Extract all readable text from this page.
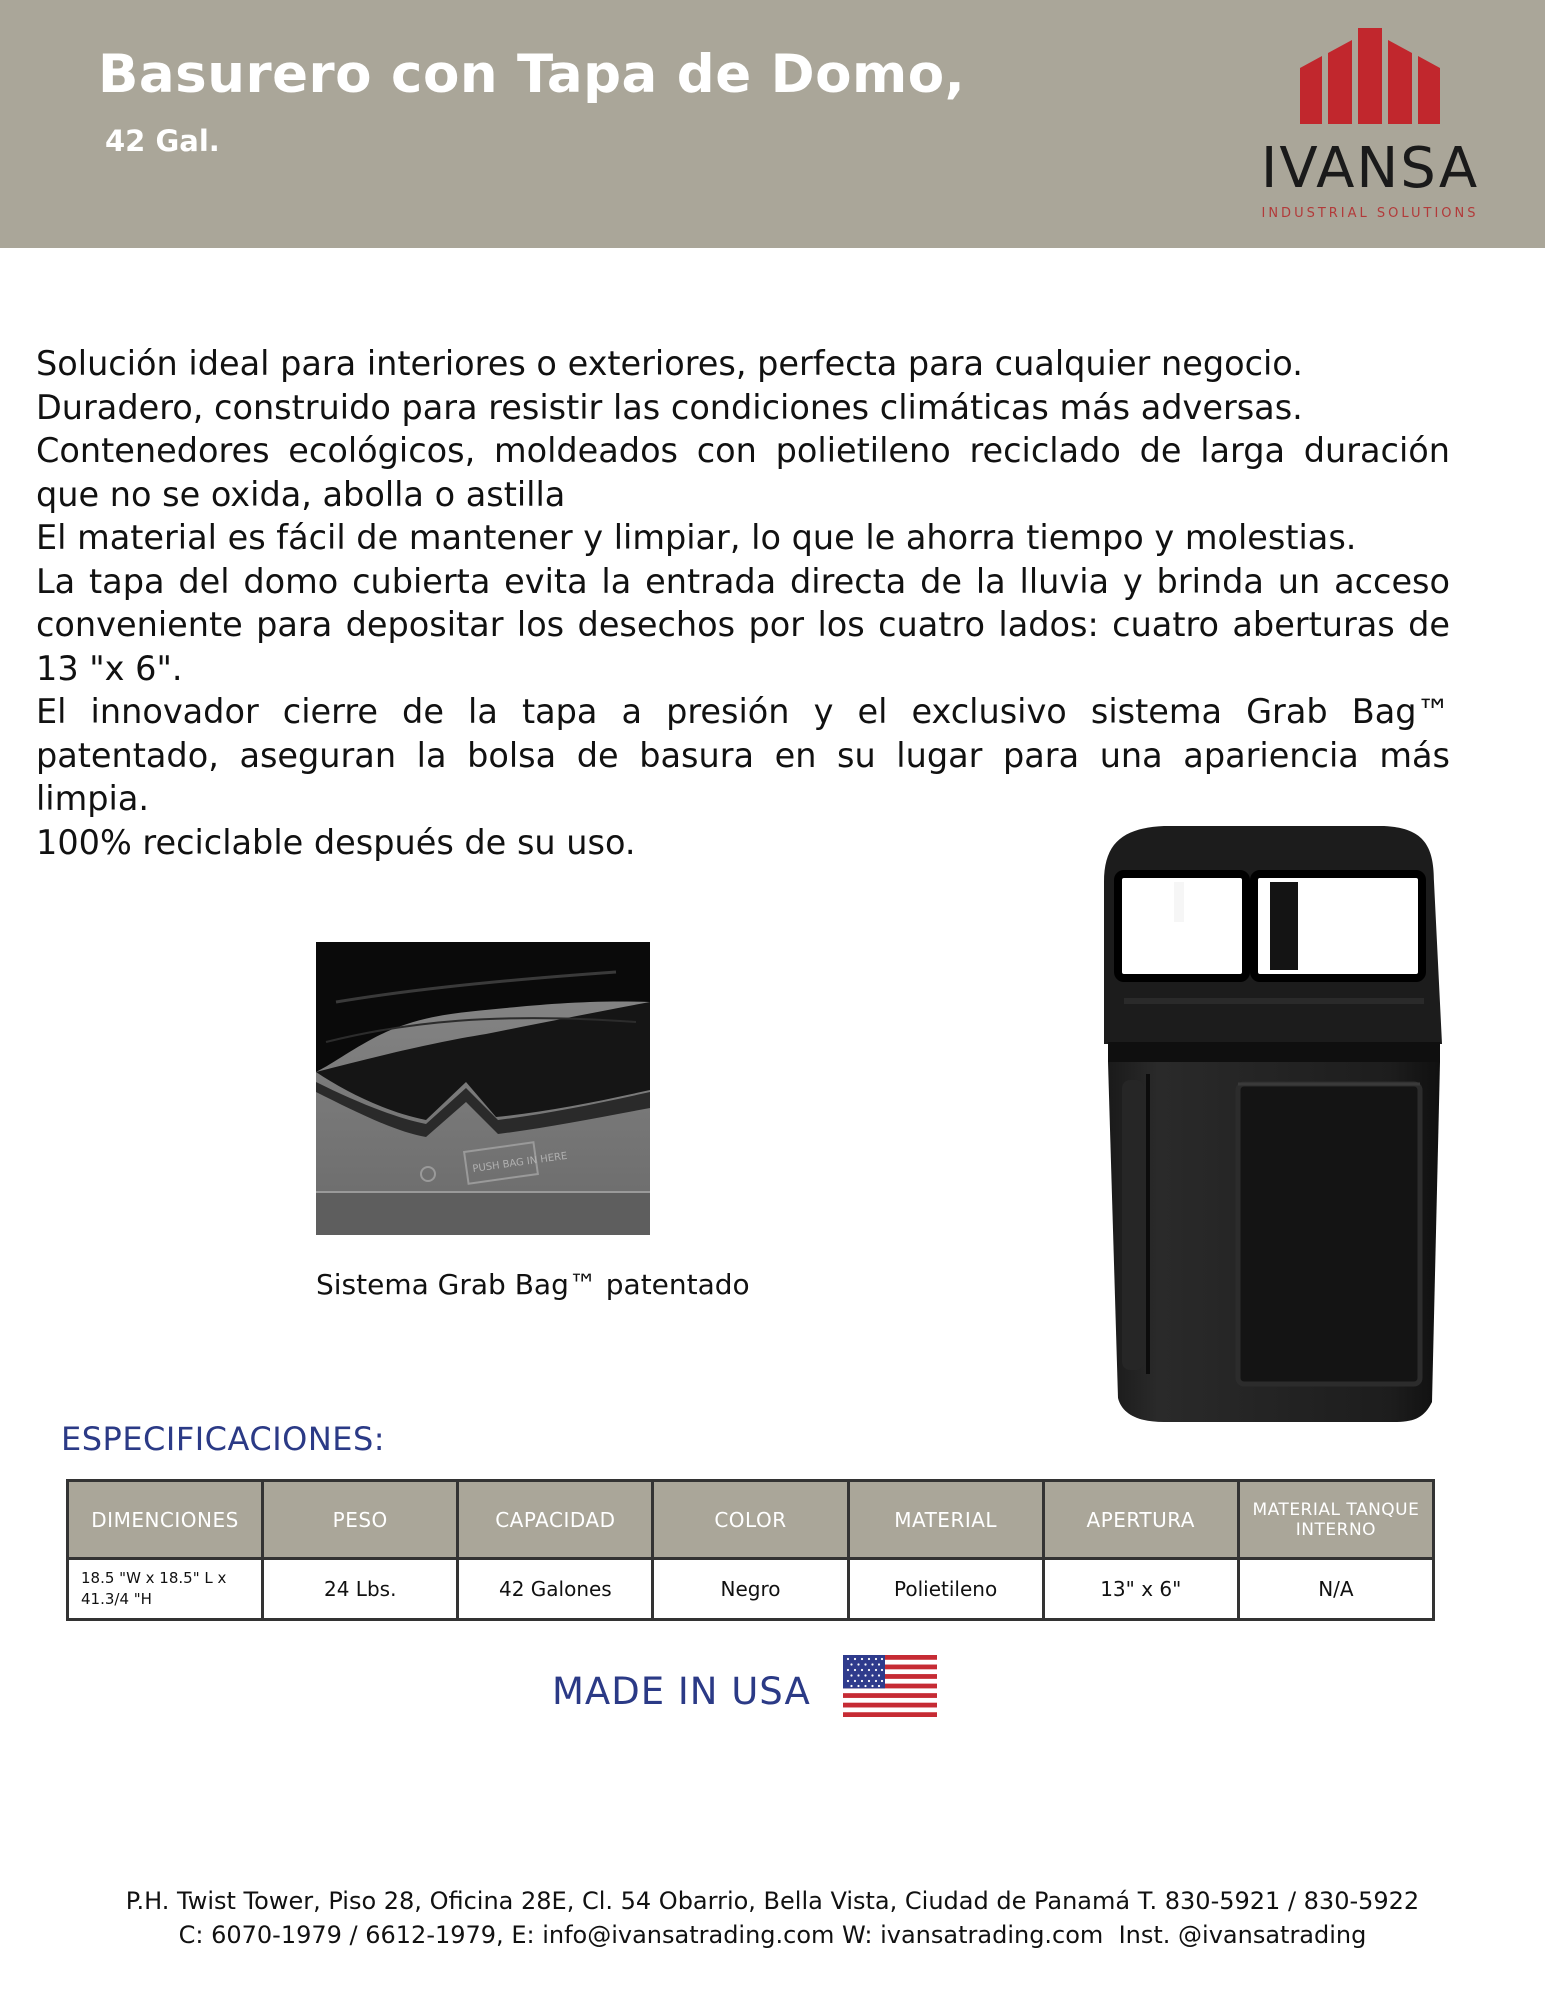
Basurero con Tapa de Domo,
42 Gal.	IVANSA
INDUSTRIAL SOLUTIONS

Solución ideal para interiores o exteriores, perfecta para cualquier negocio.

Duradero, construido para resistir las condiciones climáticas más adversas.

Contenedores ecológicos, moldeados con polietileno reciclado de larga duración que no se oxida, abolla o astilla

El material es fácil de mantener y limpiar, lo que le ahorra tiempo y molestias.

La tapa del domo cubierta evita la entrada directa de la lluvia y brinda un acceso conveniente para depositar los desechos por los cuatro lados: cuatro aberturas de 13 "x 6".

El innovador cierre de la tapa a presión y el exclusivo sistema Grab Bag™ patentado, aseguran la bolsa de basura en su lugar para una apariencia más limpia.

100% reciclable después de su uso.

PUSH BAG IN HERE
Sistema Grab Bag™ patentado
ESPECIFICACIONES:
DIMENCIONES	PESO	CAPACIDAD	COLOR	MATERIAL	APERTURA	MATERIAL TANQUE INTERNO
18.5 "W x 18.5" L x 41.3/4 "H	24 Lbs.	42 Galones	Negro	Polietileno	13" x 6"	N/A
MADE IN USA
P.H. Twist Tower, Piso 28, Oficina 28E, Cl. 54 Obarrio, Bella Vista, Ciudad de Panamá T. 830-5921 / 830-5922
C: 6070-1979 / 6612-1979, E: info@ivansatrading.com W: ivansatrading.com  Inst. @ivansatrading
